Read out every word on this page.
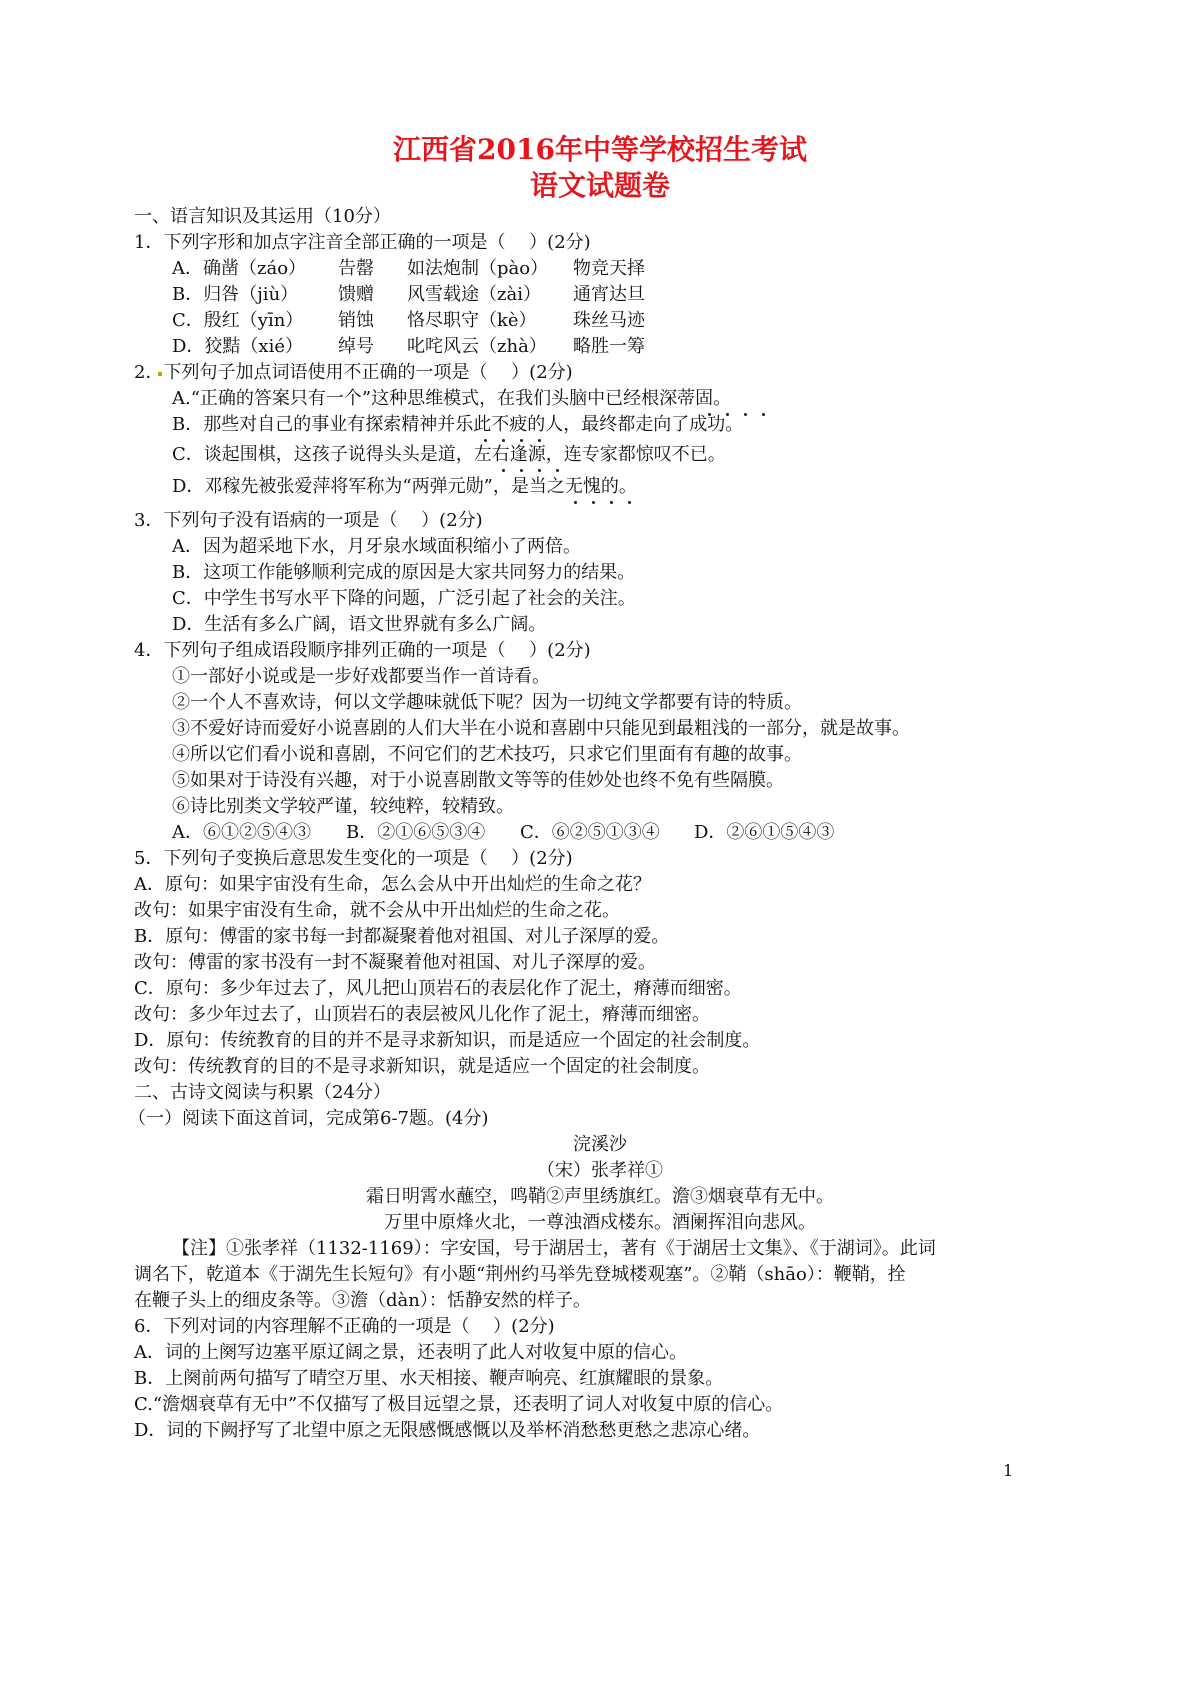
江西省2016年中等学校招生考试
语文试题卷
一、语言知识及其运用（10分）
1．下列字形和加点字注音全部正确的一项是（　 ）(2分)
A．确凿（záo） 告罄 如法炮制（pào） 物竞天择
B．归咎（jiù） 馈赠 风雪载途（zài） 通宵达旦
C．殷红（yīn） 销蚀 恪尽职守（kè） 珠丝马迹
D．狡黠（xié） 绰号 叱咤风云（zhà） 略胜一筹
2．下列句子加点词语使用不正确的一项是（　 ）(2分)
A.“正确的答案只有一个”这种思维模式，在我们头脑中已经根深蒂固。
B．那些对自己的事业有探索精神并乐此不疲的人，最终都走向了成功。
C．谈起围棋，这孩子说得头头是道，左右逢源，连专家都惊叹不已。
D．邓稼先被张爱萍将军称为“两弹元勋”，是当之无愧的。
3．下列句子没有语病的一项是（　 ）(2分)
A．因为超采地下水，月牙泉水域面积缩小了两倍。
B．这项工作能够顺利完成的原因是大家共同努力的结果。
C．中学生书写水平下降的问题，广泛引起了社会的关注。
D．生活有多么广阔，语文世界就有多么广阔。
4．下列句子组成语段顺序排列正确的一项是（　 ）(2分)
①一部好小说或是一步好戏都要当作一首诗看。
②一个人不喜欢诗，何以文学趣味就低下呢？因为一切纯文学都要有诗的特质。
③不爱好诗而爱好小说喜剧的人们大半在小说和喜剧中只能见到最粗浅的一部分，就是故事。
④所以它们看小说和喜剧，不问它们的艺术技巧，只求它们里面有有趣的故事。
⑤如果对于诗没有兴趣，对于小说喜剧散文等等的佳妙处也终不免有些隔膜。
⑥诗比别类文学较严谨，较纯粹，较精致。
A．⑥①②⑤④③ B．②①⑥⑤③④ C．⑥②⑤①③④ D．②⑥①⑤④③
5．下列句子变换后意思发生变化的一项是（　 ）(2分)
A．原句：如果宇宙没有生命，怎么会从中开出灿烂的生命之花？
改句：如果宇宙没有生命，就不会从中开出灿烂的生命之花。
B．原句：傅雷的家书每一封都凝聚着他对祖国、对儿子深厚的爱。
改句：傅雷的家书没有一封不凝聚着他对祖国、对儿子深厚的爱。
C．原句：多少年过去了，风儿把山顶岩石的表层化作了泥土，瘠薄而细密。
改句：多少年过去了，山顶岩石的表层被风儿化作了泥土，瘠薄而细密。
D．原句：传统教育的目的并不是寻求新知识，而是适应一个固定的社会制度。
改句：传统教育的目的不是寻求新知识，就是适应一个固定的社会制度。
二、古诗文阅读与积累（24分）
（一）阅读下面这首词，完成第6-7题。(4分)
浣溪沙
（宋）张孝祥①
霜日明霄水蘸空，鸣鞘②声里绣旗红。澹③烟衰草有无中。
万里中原烽火北，一尊浊酒戍楼东。酒阑挥泪向悲风。
【注】①张孝祥（1132-1169）：字安国，号于湖居士，著有《于湖居士文集》、《于湖词》。此词
调名下，乾道本《于湖先生长短句》有小题“荆州约马举先登城楼观塞”。②鞘（shāo）：鞭鞘，拴
在鞭子头上的细皮条等。③澹（dàn）：恬静安然的样子。
6．下列对词的内容理解不正确的一项是（　 ）(2分)
A．词的上阕写边塞平原辽阔之景，还表明了此人对收复中原的信心。
B．上阕前两句描写了晴空万里、水天相接、鞭声响亮、红旗耀眼的景象。
C.“澹烟衰草有无中”不仅描写了极目远望之景，还表明了词人对收复中原的信心。
D．词的下阙抒写了北望中原之无限感慨感慨以及举杯消愁愁更愁之悲凉心绪。
1
